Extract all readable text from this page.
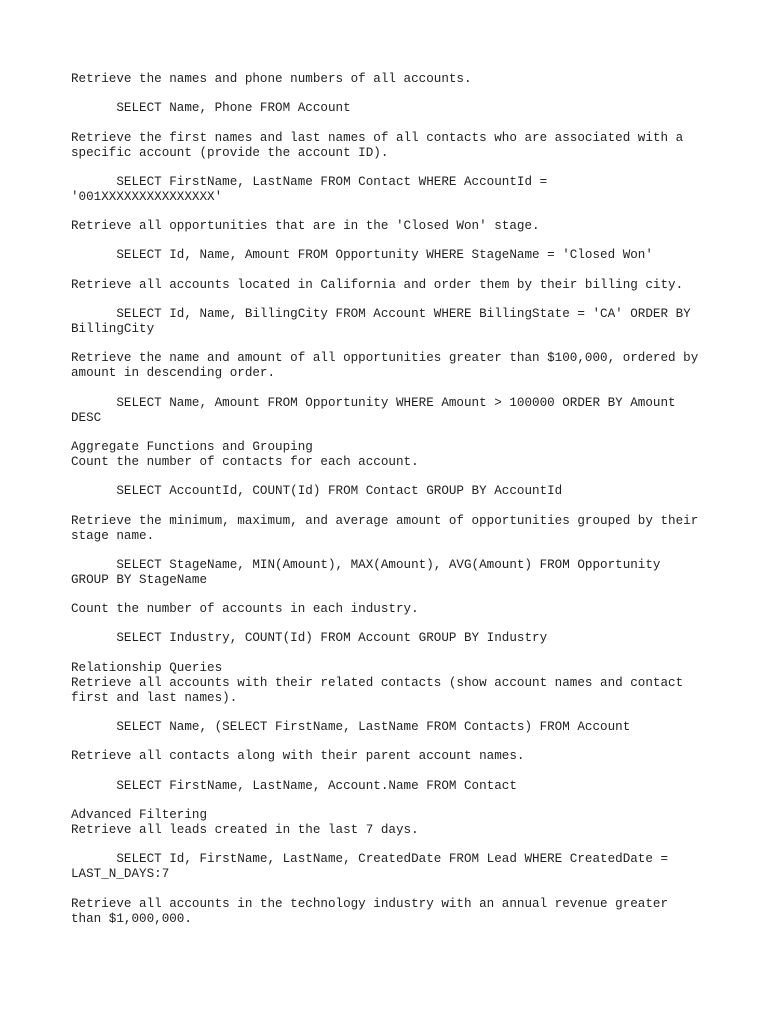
Retrieve the names and phone numbers of all accounts.
SELECT Name, Phone FROM Account
Retrieve the first names and last names of all contacts who are associated with a
specific account (provide the account ID).
SELECT FirstName, LastName FROM Contact WHERE AccountId =
'001XXXXXXXXXXXXXXX'
Retrieve all opportunities that are in the 'Closed Won' stage.
SELECT Id, Name, Amount FROM Opportunity WHERE StageName = 'Closed Won'
Retrieve all accounts located in California and order them by their billing city.
SELECT Id, Name, BillingCity FROM Account WHERE BillingState = 'CA' ORDER BY
BillingCity
Retrieve the name and amount of all opportunities greater than $100,000, ordered by
amount in descending order.
SELECT Name, Amount FROM Opportunity WHERE Amount > 100000 ORDER BY Amount
DESC
Aggregate Functions and Grouping
Count the number of contacts for each account.
SELECT AccountId, COUNT(Id) FROM Contact GROUP BY AccountId
Retrieve the minimum, maximum, and average amount of opportunities grouped by their
stage name.
SELECT StageName, MIN(Amount), MAX(Amount), AVG(Amount) FROM Opportunity
GROUP BY StageName
Count the number of accounts in each industry.
SELECT Industry, COUNT(Id) FROM Account GROUP BY Industry
Relationship Queries
Retrieve all accounts with their related contacts (show account names and contact
first and last names).
SELECT Name, (SELECT FirstName, LastName FROM Contacts) FROM Account
Retrieve all contacts along with their parent account names.
SELECT FirstName, LastName, Account.Name FROM Contact
Advanced Filtering
Retrieve all leads created in the last 7 days.
SELECT Id, FirstName, LastName, CreatedDate FROM Lead WHERE CreatedDate =
LAST_N_DAYS:7
Retrieve all accounts in the technology industry with an annual revenue greater
than $1,000,000.
